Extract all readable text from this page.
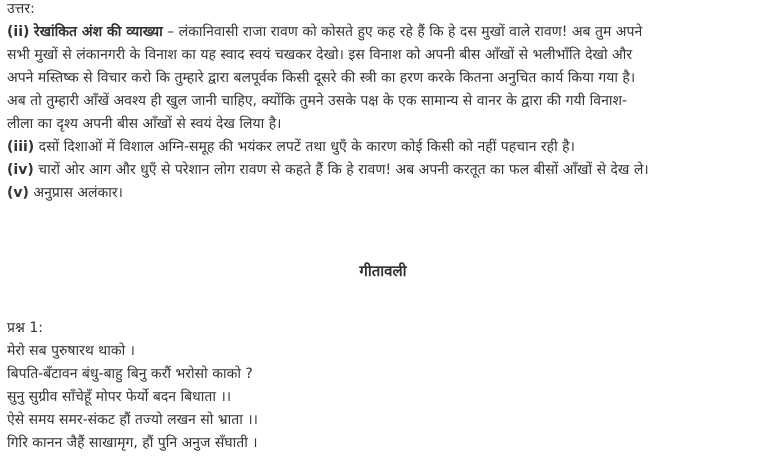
उत्तर:

(ii) रेखांकित अंश की व्याख्या – लंकानिवासी राजा रावण को कोसते हुए कह रहे हैं कि हे दस मुखों वाले रावण! अब तुम अपने

सभी मुखों से लंकानगरी के विनाश का यह स्वाद स्वयं चखकर देखो। इस विनाश को अपनी बीस आँखों से भलीभाँति देखो और

अपने मस्तिष्क से विचार करो कि तुम्हारे द्वारा बलपूर्वक किसी दूसरे की स्त्री का हरण करके कितना अनुचित कार्य किया गया है।

अब तो तुम्हारी आँखें अवश्य ही खुल जानी चाहिए, क्योंकि तुमने उसके पक्ष के एक सामान्य से वानर के द्वारा की गयी विनाश-

लीला का दृश्य अपनी बीस आँखों से स्वयं देख लिया है।

(iii) दसों दिशाओं में विशाल अग्नि-समूह की भयंकर लपटें तथा धुएँ के कारण कोई किसी को नहीं पहचान रही है।

(iv) चारों ओर आग और धुएँ से परेशान लोग रावण से कहते हैं कि हे रावण! अब अपनी करतूत का फल बीसों आँखों से देख ले।

(v) अनुप्रास अलंकार।

गीतावली

प्रश्न 1:

मेरो सब पुरुषारथ थाको ।

बिपति-बँटावन बंधु-बाहु बिनु करौं भरोसो काको ?

सुनु सुग्रीव साँचेहूँ मोपर फेर्यो बदन बिधाता ।।

ऐसे समय समर-संकट हौं तज्यो लखन सो भ्राता ।।

गिरि कानन जैहैं साखामृग, हौं पुनि अनुज सँघाती ।
